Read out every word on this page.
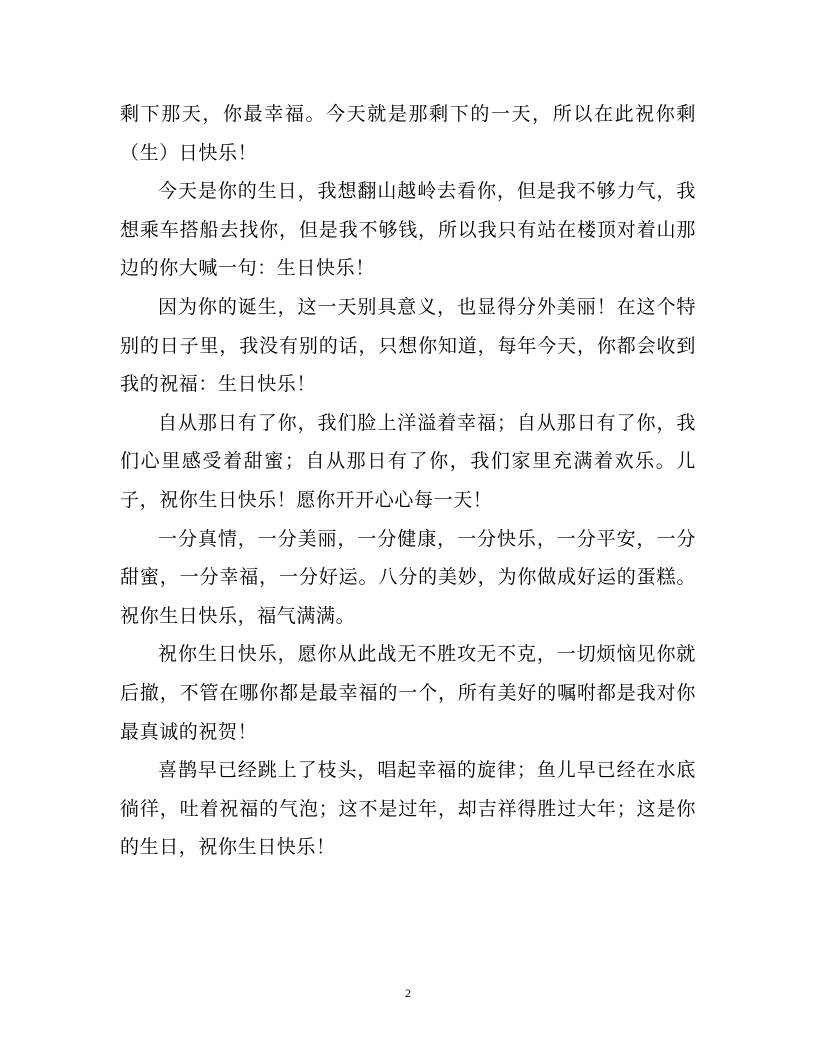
剩下那天，你最幸福。今天就是那剩下的一天，所以在此祝你剩（生）日快乐！

今天是你的生日，我想翻山越岭去看你，但是我不够力气，我想乘车搭船去找你，但是我不够钱，所以我只有站在楼顶对着山那边的你大喊一句：生日快乐！

因为你的诞生，这一天别具意义，也显得分外美丽！在这个特别的日子里，我没有别的话，只想你知道，每年今天，你都会收到我的祝福：生日快乐！

自从那日有了你，我们脸上洋溢着幸福；自从那日有了你，我们心里感受着甜蜜；自从那日有了你，我们家里充满着欢乐。儿子，祝你生日快乐！愿你开开心心每一天！

一分真情，一分美丽，一分健康，一分快乐，一分平安，一分甜蜜，一分幸福，一分好运。八分的美妙，为你做成好运的蛋糕。祝你生日快乐，福气满满。

祝你生日快乐，愿你从此战无不胜攻无不克，一切烦恼见你就后撤，不管在哪你都是最幸福的一个，所有美好的嘱咐都是我对你最真诚的祝贺！

喜鹊早已经跳上了枝头，唱起幸福的旋律；鱼儿早已经在水底徜徉，吐着祝福的气泡；这不是过年，却吉祥得胜过大年；这是你的生日，祝你生日快乐！

2
